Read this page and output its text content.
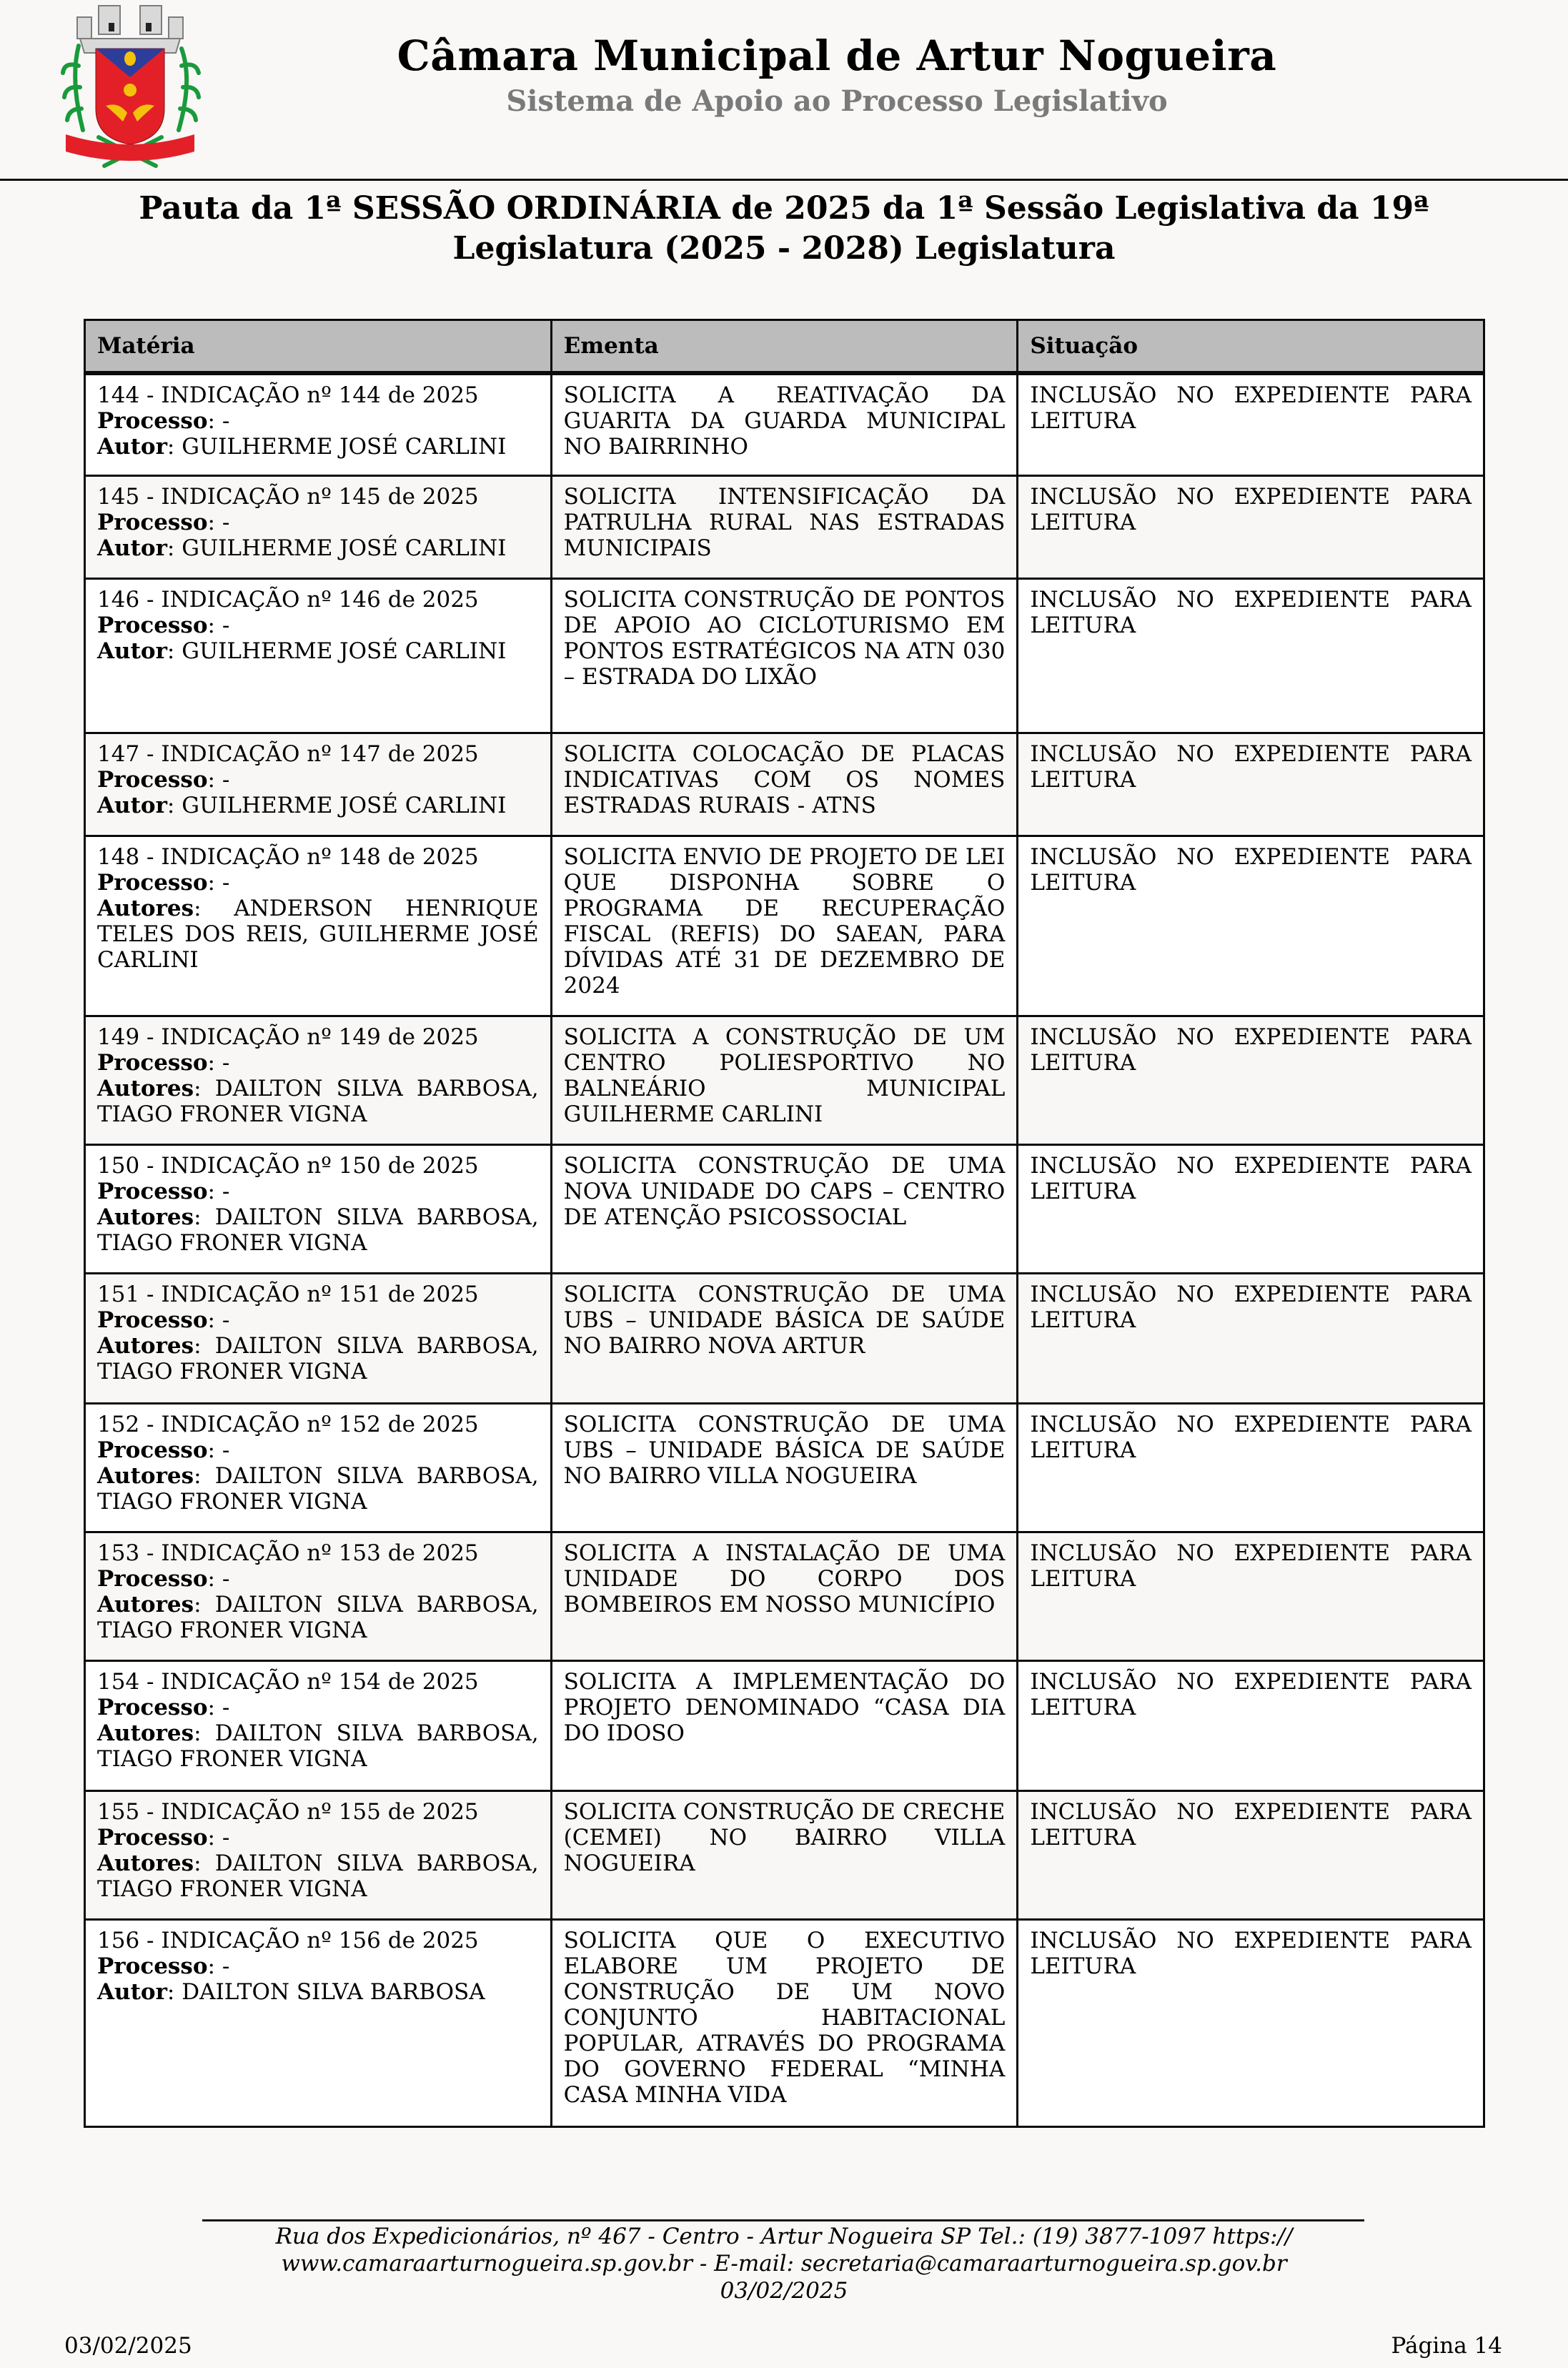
Câmara Municipal de Artur Nogueira
Sistema de Apoio ao Processo Legislativo
Pauta da 1ª SESSÃO ORDINÁRIA de 2025 da 1ª Sessão Legislativa da 19ª Legislatura (2025 - 2028) Legislatura
Matéria	Ementa	Situação

144 - INDICAÇÃO nº 144 de 2025
Processo: -
Autor: GUILHERME JOSÉ CARLINI	SOLICITA A REATIVAÇÃO DA GUARITA DA GUARDA MUNICIPAL NO BAIRRINHO	INCLUSÃO NO EXPEDIENTE PARA LEITURA

145 - INDICAÇÃO nº 145 de 2025
Processo: -
Autor: GUILHERME JOSÉ CARLINI	SOLICITA INTENSIFICAÇÃO DA PATRULHA RURAL NAS ESTRADAS MUNICIPAIS	INCLUSÃO NO EXPEDIENTE PARA LEITURA

146 - INDICAÇÃO nº 146 de 2025
Processo: -
Autor: GUILHERME JOSÉ CARLINI	SOLICITA CONSTRUÇÃO DE PONTOS DE APOIO AO CICLOTURISMO EM PONTOS ESTRATÉGICOS NA ATN 030 – ESTRADA DO LIXÃO	INCLUSÃO NO EXPEDIENTE PARA LEITURA

147 - INDICAÇÃO nº 147 de 2025
Processo: -
Autor: GUILHERME JOSÉ CARLINI	SOLICITA COLOCAÇÃO DE PLACAS INDICATIVAS COM OS NOMES ESTRADAS RURAIS - ATNS	INCLUSÃO NO EXPEDIENTE PARA LEITURA

148 - INDICAÇÃO nº 148 de 2025
Processo: -
Autores: ANDERSON HENRIQUE TELES DOS REIS, GUILHERME JOSÉ CARLINI	SOLICITA ENVIO DE PROJETO DE LEI QUE DISPONHA SOBRE O PROGRAMA DE RECUPERAÇÃO FISCAL (REFIS) DO SAEAN, PARA DÍVIDAS ATÉ 31 DE DEZEMBRO DE 2024	INCLUSÃO NO EXPEDIENTE PARA LEITURA

149 - INDICAÇÃO nº 149 de 2025
Processo: -
Autores: DAILTON SILVA BARBOSA, TIAGO FRONER VIGNA	SOLICITA A CONSTRUÇÃO DE UM CENTRO POLIESPORTIVO NO BALNEÁRIO MUNICIPAL GUILHERME CARLINI	INCLUSÃO NO EXPEDIENTE PARA LEITURA

150 - INDICAÇÃO nº 150 de 2025
Processo: -
Autores: DAILTON SILVA BARBOSA, TIAGO FRONER VIGNA	SOLICITA CONSTRUÇÃO DE UMA NOVA UNIDADE DO CAPS – CENTRO DE ATENÇÃO PSICOSSOCIAL	INCLUSÃO NO EXPEDIENTE PARA LEITURA

151 - INDICAÇÃO nº 151 de 2025
Processo: -
Autores: DAILTON SILVA BARBOSA, TIAGO FRONER VIGNA	SOLICITA CONSTRUÇÃO DE UMA UBS – UNIDADE BÁSICA DE SAÚDE NO BAIRRO NOVA ARTUR	INCLUSÃO NO EXPEDIENTE PARA LEITURA

152 - INDICAÇÃO nº 152 de 2025
Processo: -
Autores: DAILTON SILVA BARBOSA, TIAGO FRONER VIGNA	SOLICITA CONSTRUÇÃO DE UMA UBS – UNIDADE BÁSICA DE SAÚDE NO BAIRRO VILLA NOGUEIRA	INCLUSÃO NO EXPEDIENTE PARA LEITURA

153 - INDICAÇÃO nº 153 de 2025
Processo: -
Autores: DAILTON SILVA BARBOSA, TIAGO FRONER VIGNA	SOLICITA A INSTALAÇÃO DE UMA UNIDADE DO CORPO DOS BOMBEIROS EM NOSSO MUNICÍPIO	INCLUSÃO NO EXPEDIENTE PARA LEITURA

154 - INDICAÇÃO nº 154 de 2025
Processo: -
Autores: DAILTON SILVA BARBOSA, TIAGO FRONER VIGNA	SOLICITA A IMPLEMENTAÇÃO DO PROJETO DENOMINADO “CASA DIA DO IDOSO	INCLUSÃO NO EXPEDIENTE PARA LEITURA

155 - INDICAÇÃO nº 155 de 2025
Processo: -
Autores: DAILTON SILVA BARBOSA, TIAGO FRONER VIGNA	SOLICITA CONSTRUÇÃO DE CRECHE (CEMEI) NO BAIRRO VILLA NOGUEIRA	INCLUSÃO NO EXPEDIENTE PARA LEITURA

156 - INDICAÇÃO nº 156 de 2025
Processo: -
Autor: DAILTON SILVA BARBOSA	SOLICITA QUE O EXECUTIVO ELABORE UM PROJETO DE CONSTRUÇÃO DE UM NOVO CONJUNTO HABITACIONAL POPULAR, ATRAVÉS DO PROGRAMA DO GOVERNO FEDERAL “MINHA CASA MINHA VIDA	INCLUSÃO NO EXPEDIENTE PARA LEITURA
Rua dos Expedicionários, nº 467 - Centro - Artur Nogueira SP Tel.: (19) 3877-1097 https://
www.camaraarturnogueira.sp.gov.br - E-mail: secretaria@camaraarturnogueira.sp.gov.br
03/02/2025
03/02/2025	Página 14
